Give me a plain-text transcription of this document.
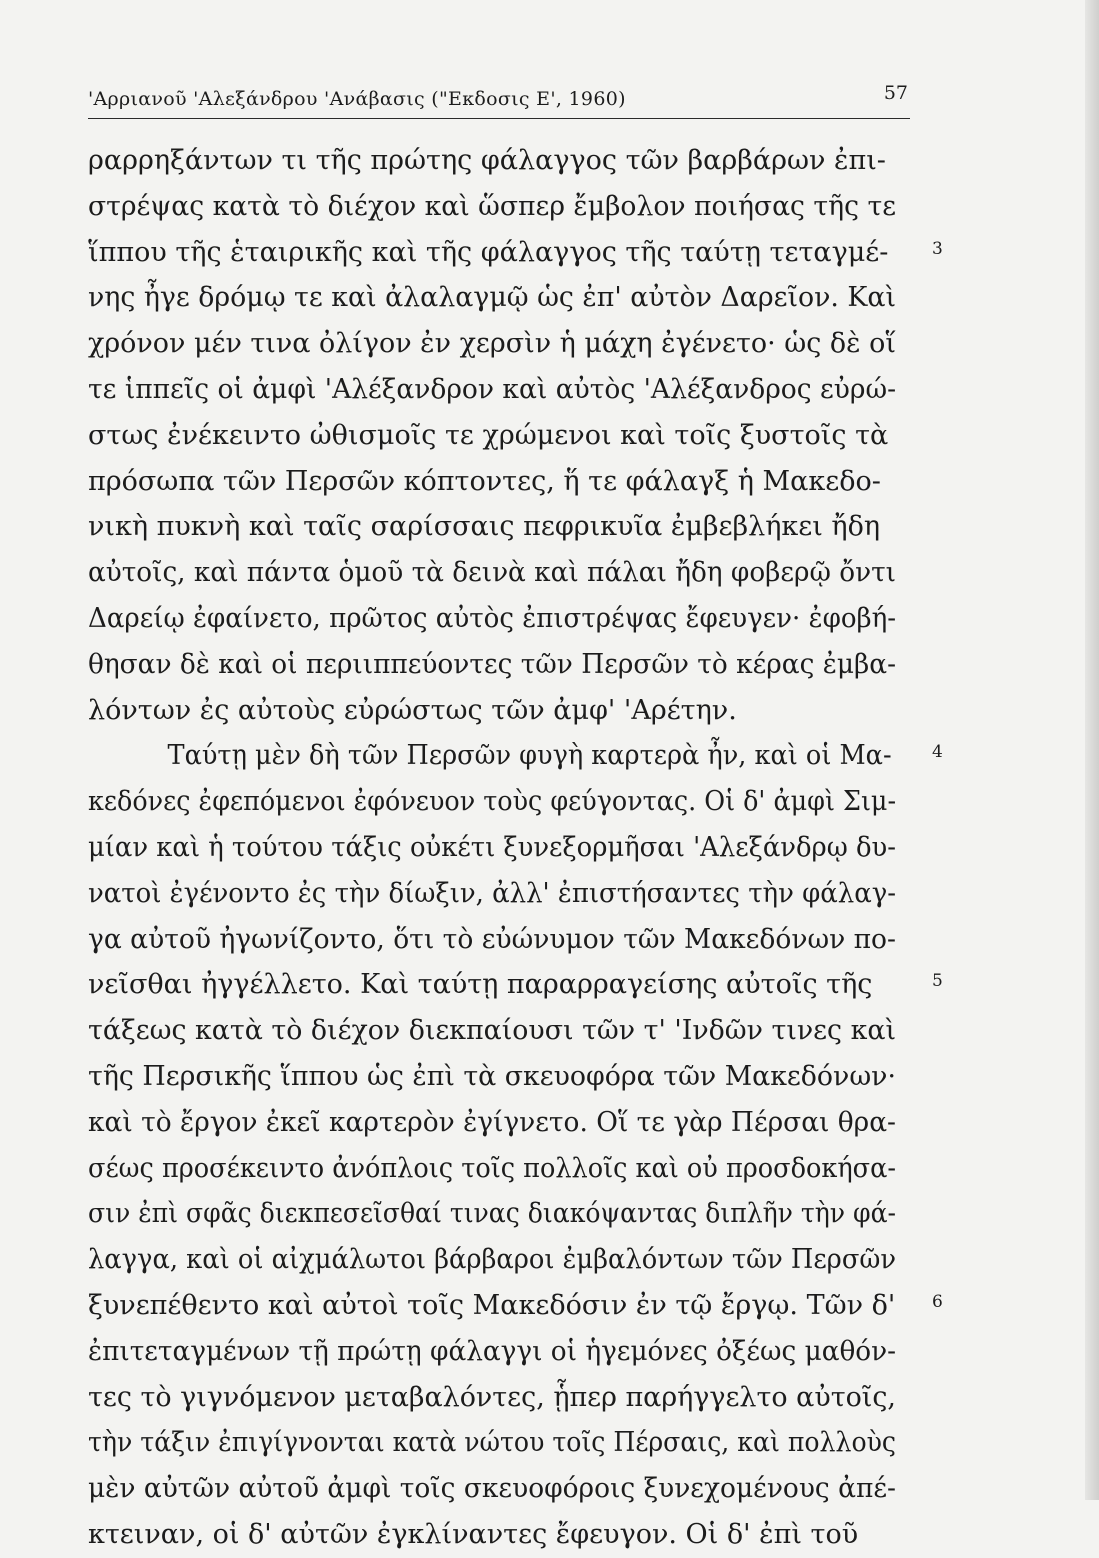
'Αρριανοῦ 'Αλεξάνδρου 'Ανάβασις ("Εκδοσις Ε', 1960)	57
ραρρηξάντων τι τῆς πρώτης φάλαγγος τῶν βαρβάρων ἐπι-
στρέψας κατὰ τὸ διέχον καὶ ὥσπερ ἔμβολον ποιήσας τῆς τε
ἵππου τῆς ἑταιρικῆς καὶ τῆς φάλαγγος τῆς ταύτῃ τεταγμέ-	3
νης ἦγε δρόμῳ τε καὶ ἀλαλαγμῷ ὡς ἐπ' αὐτὸν Δαρεῖον. Καὶ
χρόνον μέν τινα ὀλίγον ἐν χερσὶν ἡ μάχη ἐγένετο· ὡς δὲ οἵ
τε ἱππεῖς οἱ ἀμφὶ 'Αλέξανδρον καὶ αὐτὸς 'Αλέξανδρος εὐρώ-
στως ἐνέκειντο ὠθισμοῖς τε χρώμενοι καὶ τοῖς ξυστοῖς τὰ
πρόσωπα τῶν Περσῶν κόπτοντες, ἥ τε φάλαγξ ἡ Μακεδο-
νικὴ πυκνὴ καὶ ταῖς σαρίσσαις πεφρικυῖα ἐμβεβλήκει ἤδη
αὐτοῖς, καὶ πάντα ὁμοῦ τὰ δεινὰ καὶ πάλαι ἤδη φοβερῷ ὄντι
Δαρείῳ ἐφαίνετο, πρῶτος αὐτὸς ἐπιστρέψας ἔφευγεν· ἐφοβή-
θησαν δὲ καὶ οἱ περιιππεύοντες τῶν Περσῶν τὸ κέρας ἐμβα-
λόντων ἐς αὐτοὺς εὐρώστως τῶν ἀμφ' 'Αρέτην.
Ταύτῃ μὲν δὴ τῶν Περσῶν φυγὴ καρτερὰ ἦν, καὶ οἱ Μα- 4
κεδόνες ἐφεπόμενοι ἐφόνευον τοὺς φεύγοντας. Οἱ δ' ἀμφὶ Σιμ-
μίαν καὶ ἡ τούτου τάξις οὐκέτι ξυνεξορμῆσαι 'Αλεξάνδρῳ δυ-
νατοὶ ἐγένοντο ἐς τὴν δίωξιν, ἀλλ' ἐπιστήσαντες τὴν φάλαγ-
γα αὐτοῦ ἠγωνίζοντο, ὅτι τὸ εὐώνυμον τῶν Μακεδόνων πο-
νεῖσθαι ἠγγέλλετο. Καὶ ταύτῃ παραρραγείσης αὐτοῖς τῆς	5
τάξεως κατὰ τὸ διέχον διεκπαίουσι τῶν τ' 'Ινδῶν τινες καὶ
τῆς Περσικῆς ἵππου ὡς ἐπὶ τὰ σκευοφόρα τῶν Μακεδόνων·
καὶ τὸ ἔργον ἐκεῖ καρτερὸν ἐγίγνετο. Οἵ τε γὰρ Πέρσαι θρα-
σέως προσέκειντο ἀνόπλοις τοῖς πολλοῖς καὶ οὐ προσδοκήσα-
σιν ἐπὶ σφᾶς διεκπεσεῖσθαί τινας διακόψαντας διπλῆν τὴν φά-
λαγγα, καὶ οἱ αἰχμάλωτοι βάρβαροι ἐμβαλόντων τῶν Περσῶν
ξυνεπέθεντο καὶ αὐτοὶ τοῖς Μακεδόσιν ἐν τῷ ἔργῳ. Τῶν δ' 6
ἐπιτεταγμένων τῇ πρώτῃ φάλαγγι οἱ ἡγεμόνες ὀξέως μαθόν-
τες τὸ γιγνόμενον μεταβαλόντες, ᾗπερ παρήγγελτο αὐτοῖς,
τὴν τάξιν ἐπιγίγνονται κατὰ νώτου τοῖς Πέρσαις, καὶ πολλοὺς
μὲν αὐτῶν αὐτοῦ ἀμφὶ τοῖς σκευοφόροις ξυνεχομένους ἀπέ-
κτειναν, οἱ δ' αὐτῶν ἐγκλίναντες ἔφευγον. Οἱ δ' ἐπὶ τοῦ
